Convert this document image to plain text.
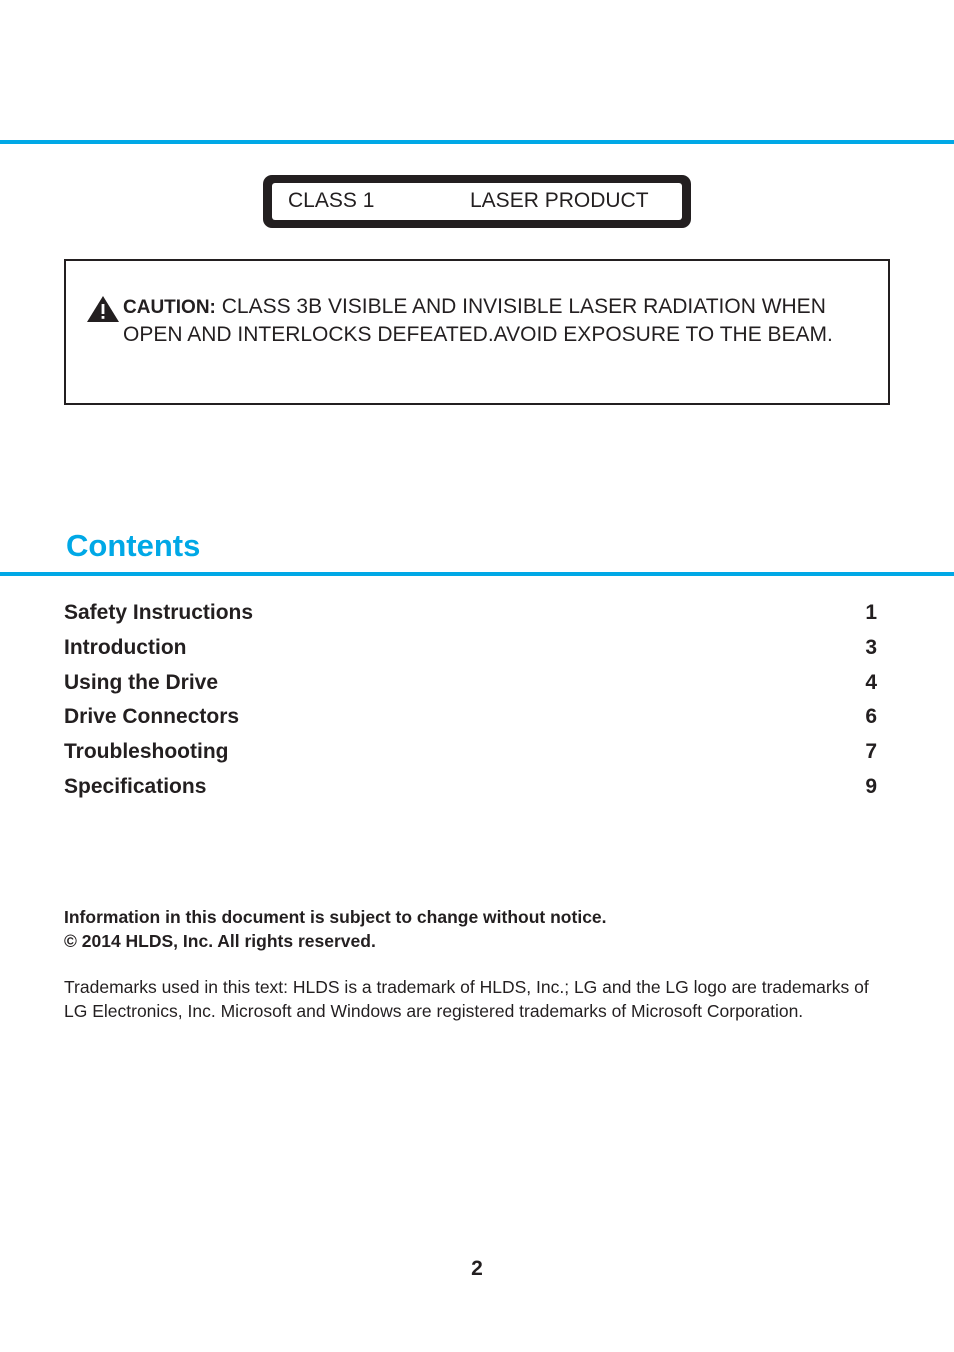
CLASS 1	LASER PRODUCT
CAUTION: CLASS 3B VISIBLE AND INVISIBLE LASER RADIATION WHEN OPEN AND INTERLOCKS DEFEATED.AVOID EXPOSURE TO THE BEAM.
Contents
Safety Instructions	1
Introduction	3
Using the Drive	4
Drive Connectors	6
Troubleshooting	7
Specifications	9
Information in this document is subject to change without notice.
© 2014 HLDS, Inc. All rights reserved.
Trademarks used in this text: HLDS is a trademark of HLDS, Inc.; LG and the LG logo are trademarks of LG Electronics, Inc. Microsoft and Windows are registered trademarks of Microsoft Corporation.
2
